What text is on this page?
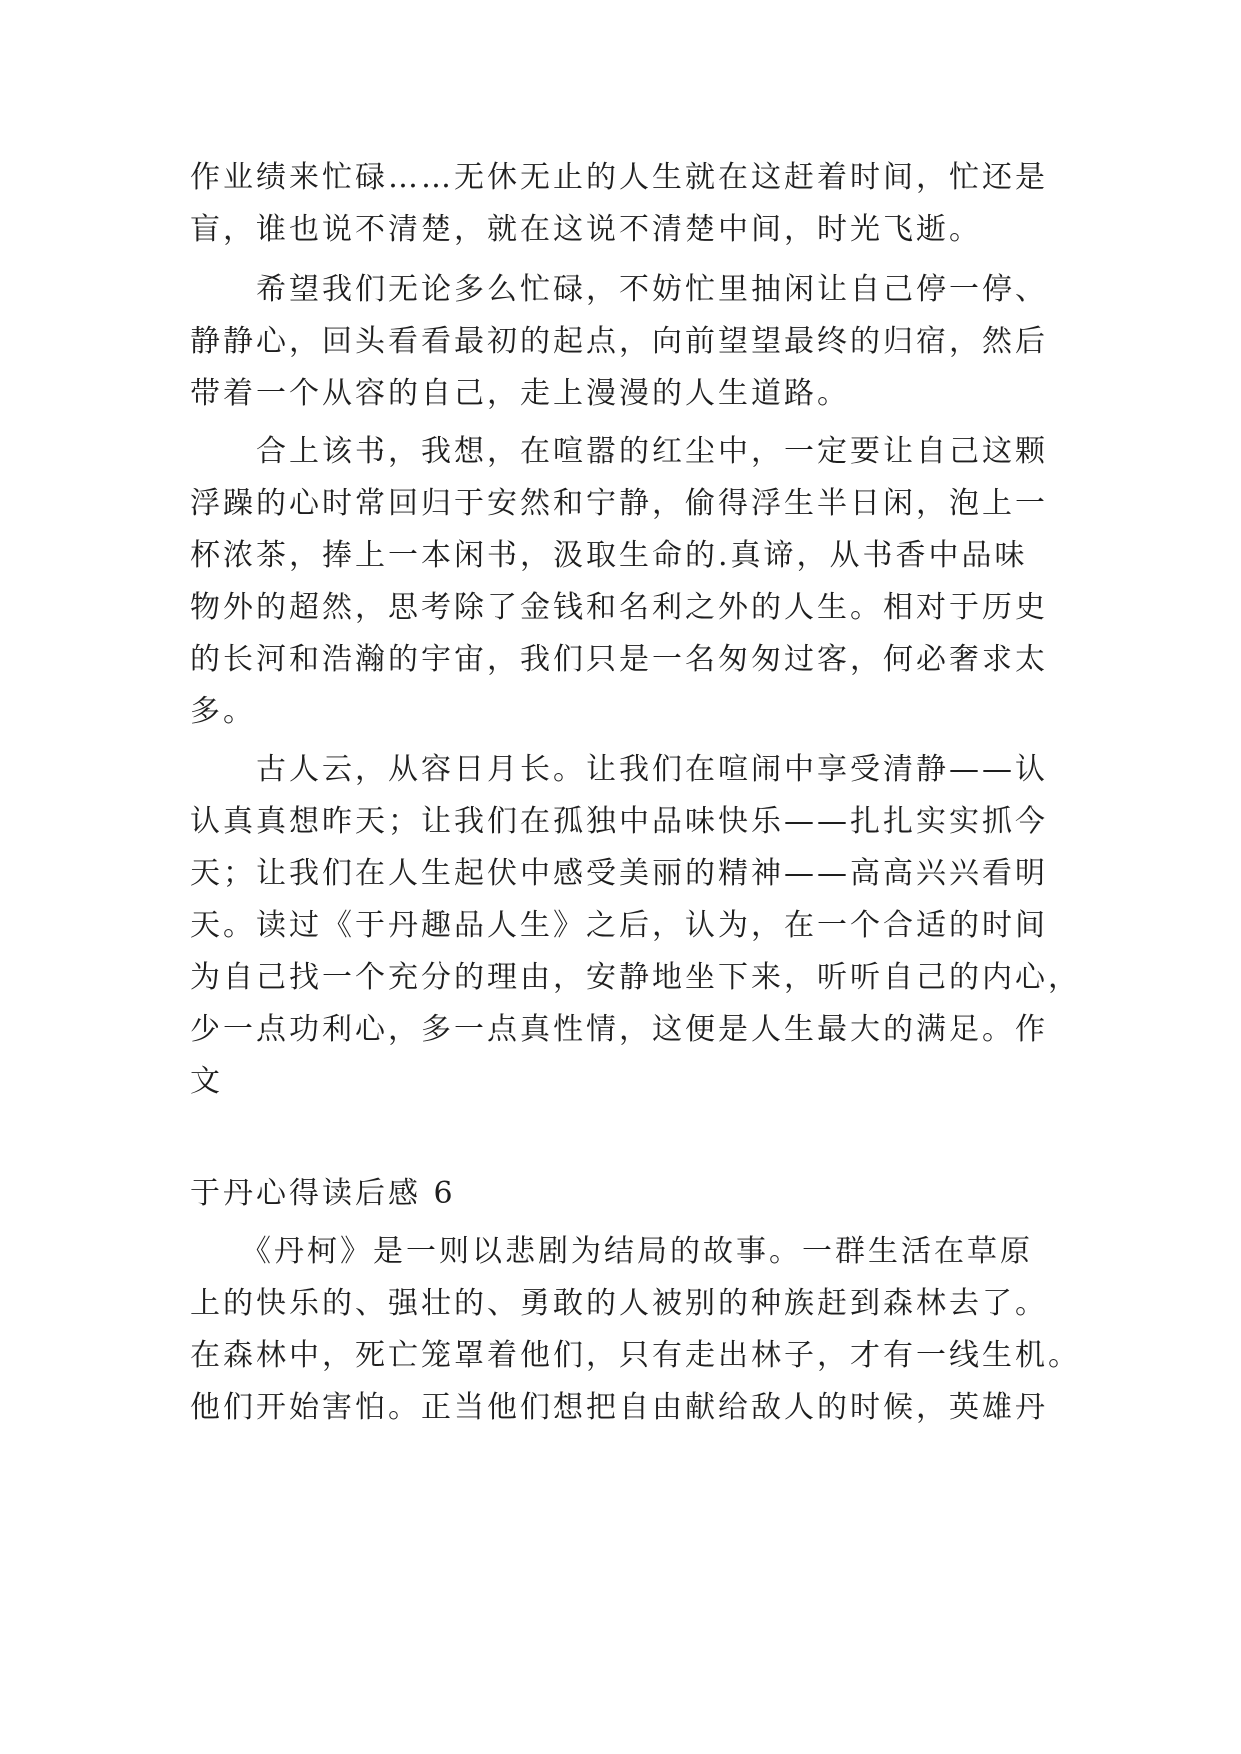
作业绩来忙碌……无休无止的人生就在这赶着时间，忙还是
盲，谁也说不清楚，就在这说不清楚中间，时光飞逝。
　　希望我们无论多么忙碌，不妨忙里抽闲让自己停一停、
静静心，回头看看最初的起点，向前望望最终的归宿，然后
带着一个从容的自己，走上漫漫的人生道路。
　　合上该书，我想，在喧嚣的红尘中，一定要让自己这颗
浮躁的心时常回归于安然和宁静，偷得浮生半日闲，泡上一
杯浓茶，捧上一本闲书，汲取生命的.真谛，从书香中品味
物外的超然，思考除了金钱和名利之外的人生。相对于历史
的长河和浩瀚的宇宙，我们只是一名匆匆过客，何必奢求太
多。
　　古人云，从容日月长。让我们在喧闹中享受清静——认
认真真想昨天；让我们在孤独中品味快乐——扎扎实实抓今
天；让我们在人生起伏中感受美丽的精神——高高兴兴看明
天。读过《于丹趣品人生》之后，认为，在一个合适的时间
为自己找一个充分的理由，安静地坐下来，听听自己的内心，
少一点功利心，多一点真性情，这便是人生最大的满足。作
文
于丹心得读后感 6
　　《丹柯》是一则以悲剧为结局的故事。一群生活在草原
上的快乐的、强壮的、勇敢的人被别的种族赶到森林去了。
在森林中，死亡笼罩着他们，只有走出林子，才有一线生机。
他们开始害怕。正当他们想把自由献给敌人的时候，英雄丹
